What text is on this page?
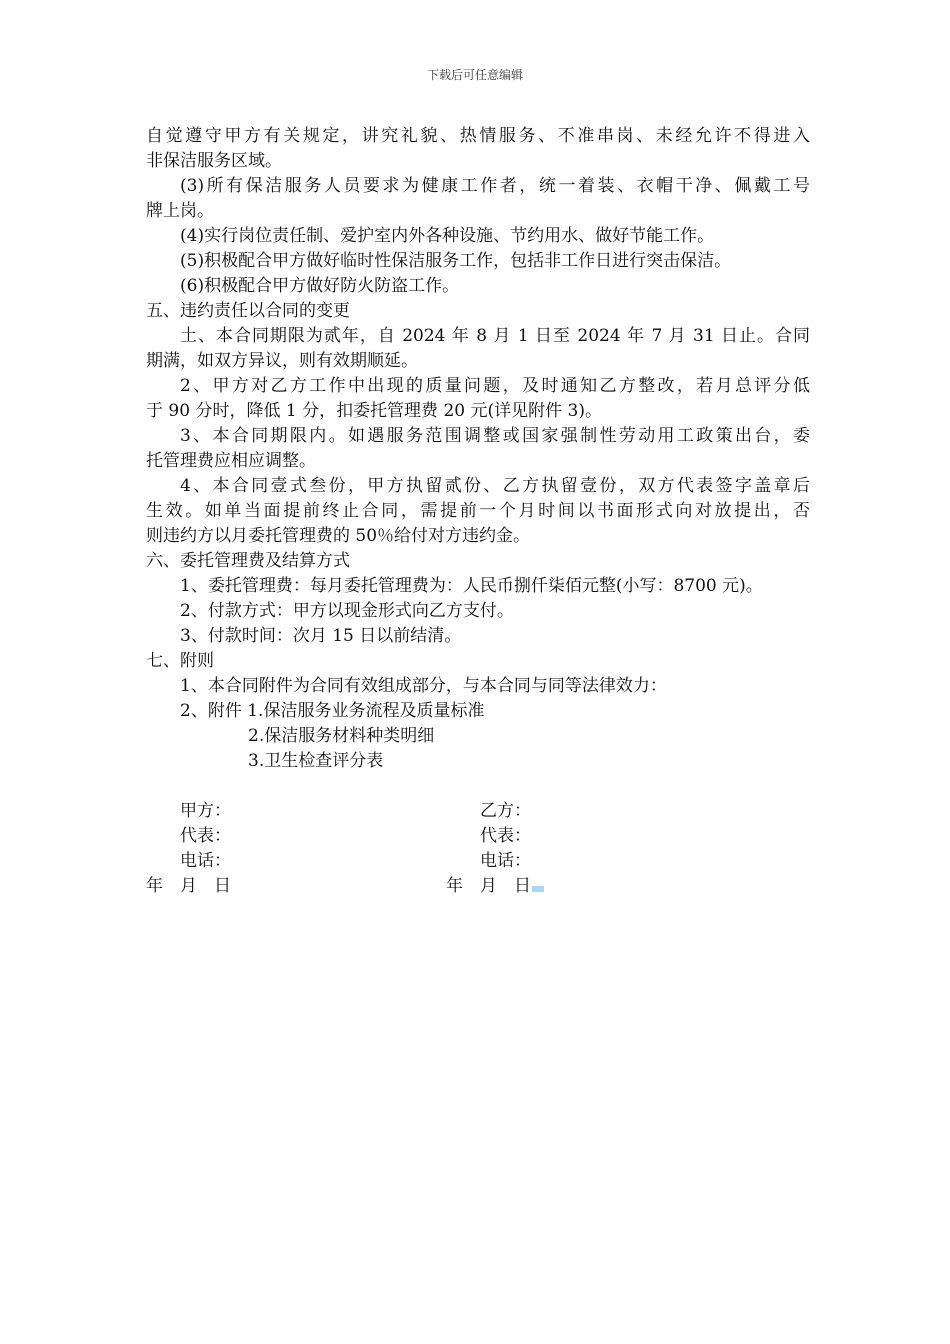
下载后可任意编辑

自觉遵守甲方有关规定，讲究礼貌、热情服务、不准串岗、未经允许不得进入

非保洁服务区域。

(3)所有保洁服务人员要求为健康工作者，统一着装、衣帽干净、佩戴工号

牌上岗。

(4)实行岗位责任制、爱护室内外各种设施、节约用水、做好节能工作。

(5)积极配合甲方做好临时性保洁服务工作，包括非工作日进行突击保洁。

(6)积极配合甲方做好防火防盗工作。

五、违约责任以合同的变更

土、本合同期限为贰年，自 2024 年 8 月 1 日至 2024 年 7 月 31 日止。合同

期满，如双方异议，则有效期顺延。

2、甲方对乙方工作中出现的质量问题，及时通知乙方整改，若月总评分低

于 90 分时，降低 1 分，扣委托管理费 20 元(详见附件 3)。

3、本合同期限内。如遇服务范围调整或国家强制性劳动用工政策出台，委

托管理费应相应调整。

4、本合同壹式叁份，甲方执留贰份、乙方执留壹份，双方代表签字盖章后

生效。如单当面提前终止合同，需提前一个月时间以书面形式向对放提出，否

则违约方以月委托管理费的 50％给付对方违约金。

六、委托管理费及结算方式

1、委托管理费：每月委托管理费为：人民币捌仟柒佰元整(小写：8700 元)。

2、付款方式：甲方以现金形式向乙方支付。

3、付款时间：次月 15 日以前结清。

七、附则

1、本合同附件为合同有效组成部分，与本合同与同等法律效力：

2、附件 1.保洁服务业务流程及质量标准

2.保洁服务材料种类明细

3.卫生检查评分表

甲方：	乙方：
代表：	代表：
电话：	电话：
年　月　日	年　月　日
